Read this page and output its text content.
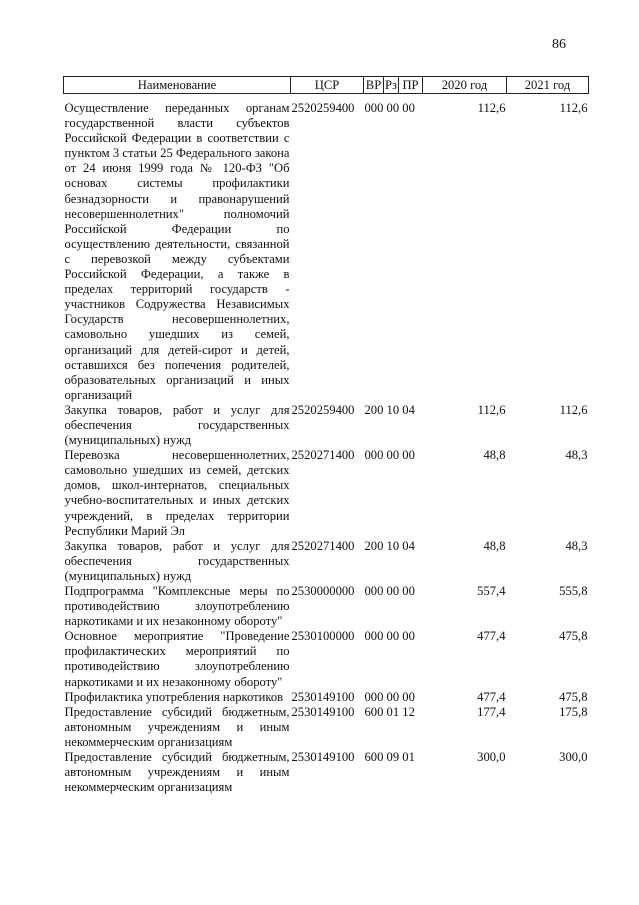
86
Наименование	ЦСР	ВР	Рз	ПР	2020 год	2021 год
Осуществление переданных органам государственной власти субъектов Российской Федерации в соответствии с пунктом 3 статьи 25 Федерального закона от 24 июня 1999 года № 120-ФЗ "Об основах системы профилактики безнадзорности и правонарушений несовершеннолетних" полномочий Российской Федерации по осуществлению деятельности, связанной с перевозкой между субъектами Российской Федерации, а также в пределах территорий государств - участников Содружества Независимых Государств несовершеннолетних, самовольно ушедших из семей, организаций для детей-сирот и детей, оставшихся без попечения родителей, образовательных организаций и иных организаций	2520259400	000 00 00			112,6	112,6
Закупка товаров, работ и услуг для обеспечения государственных (муниципальных) нужд	2520259400	200 10 04			112,6	112,6
Перевозка несовершеннолетних, самовольно ушедших из семей, детских домов, школ-интернатов, специальных учебно-воспитательных и иных детских учреждений, в пределах территории Республики Марий Эл	2520271400	000 00 00			48,8	48,3
Закупка товаров, работ и услуг для обеспечения государственных (муниципальных) нужд	2520271400	200 10 04			48,8	48,3
Подпрограмма "Комплексные меры по противодействию злоупотреблению наркотиками и их незаконному обороту"	2530000000	000 00 00			557,4	555,8
Основное мероприятие "Проведение профилактических мероприятий по противодействию злоупотреблению наркотиками и их незаконному обороту"	2530100000	000 00 00			477,4	475,8
Профилактика употребления наркотиков	2530149100	000 00 00			477,4	475,8
Предоставление субсидий бюджетным, автономным учреждениям и иным некоммерческим организациям	2530149100	600 01 12			177,4	175,8
Предоставление субсидий бюджетным, автономным учреждениям и иным некоммерческим организациям	2530149100	600 09 01			300,0	300,0
